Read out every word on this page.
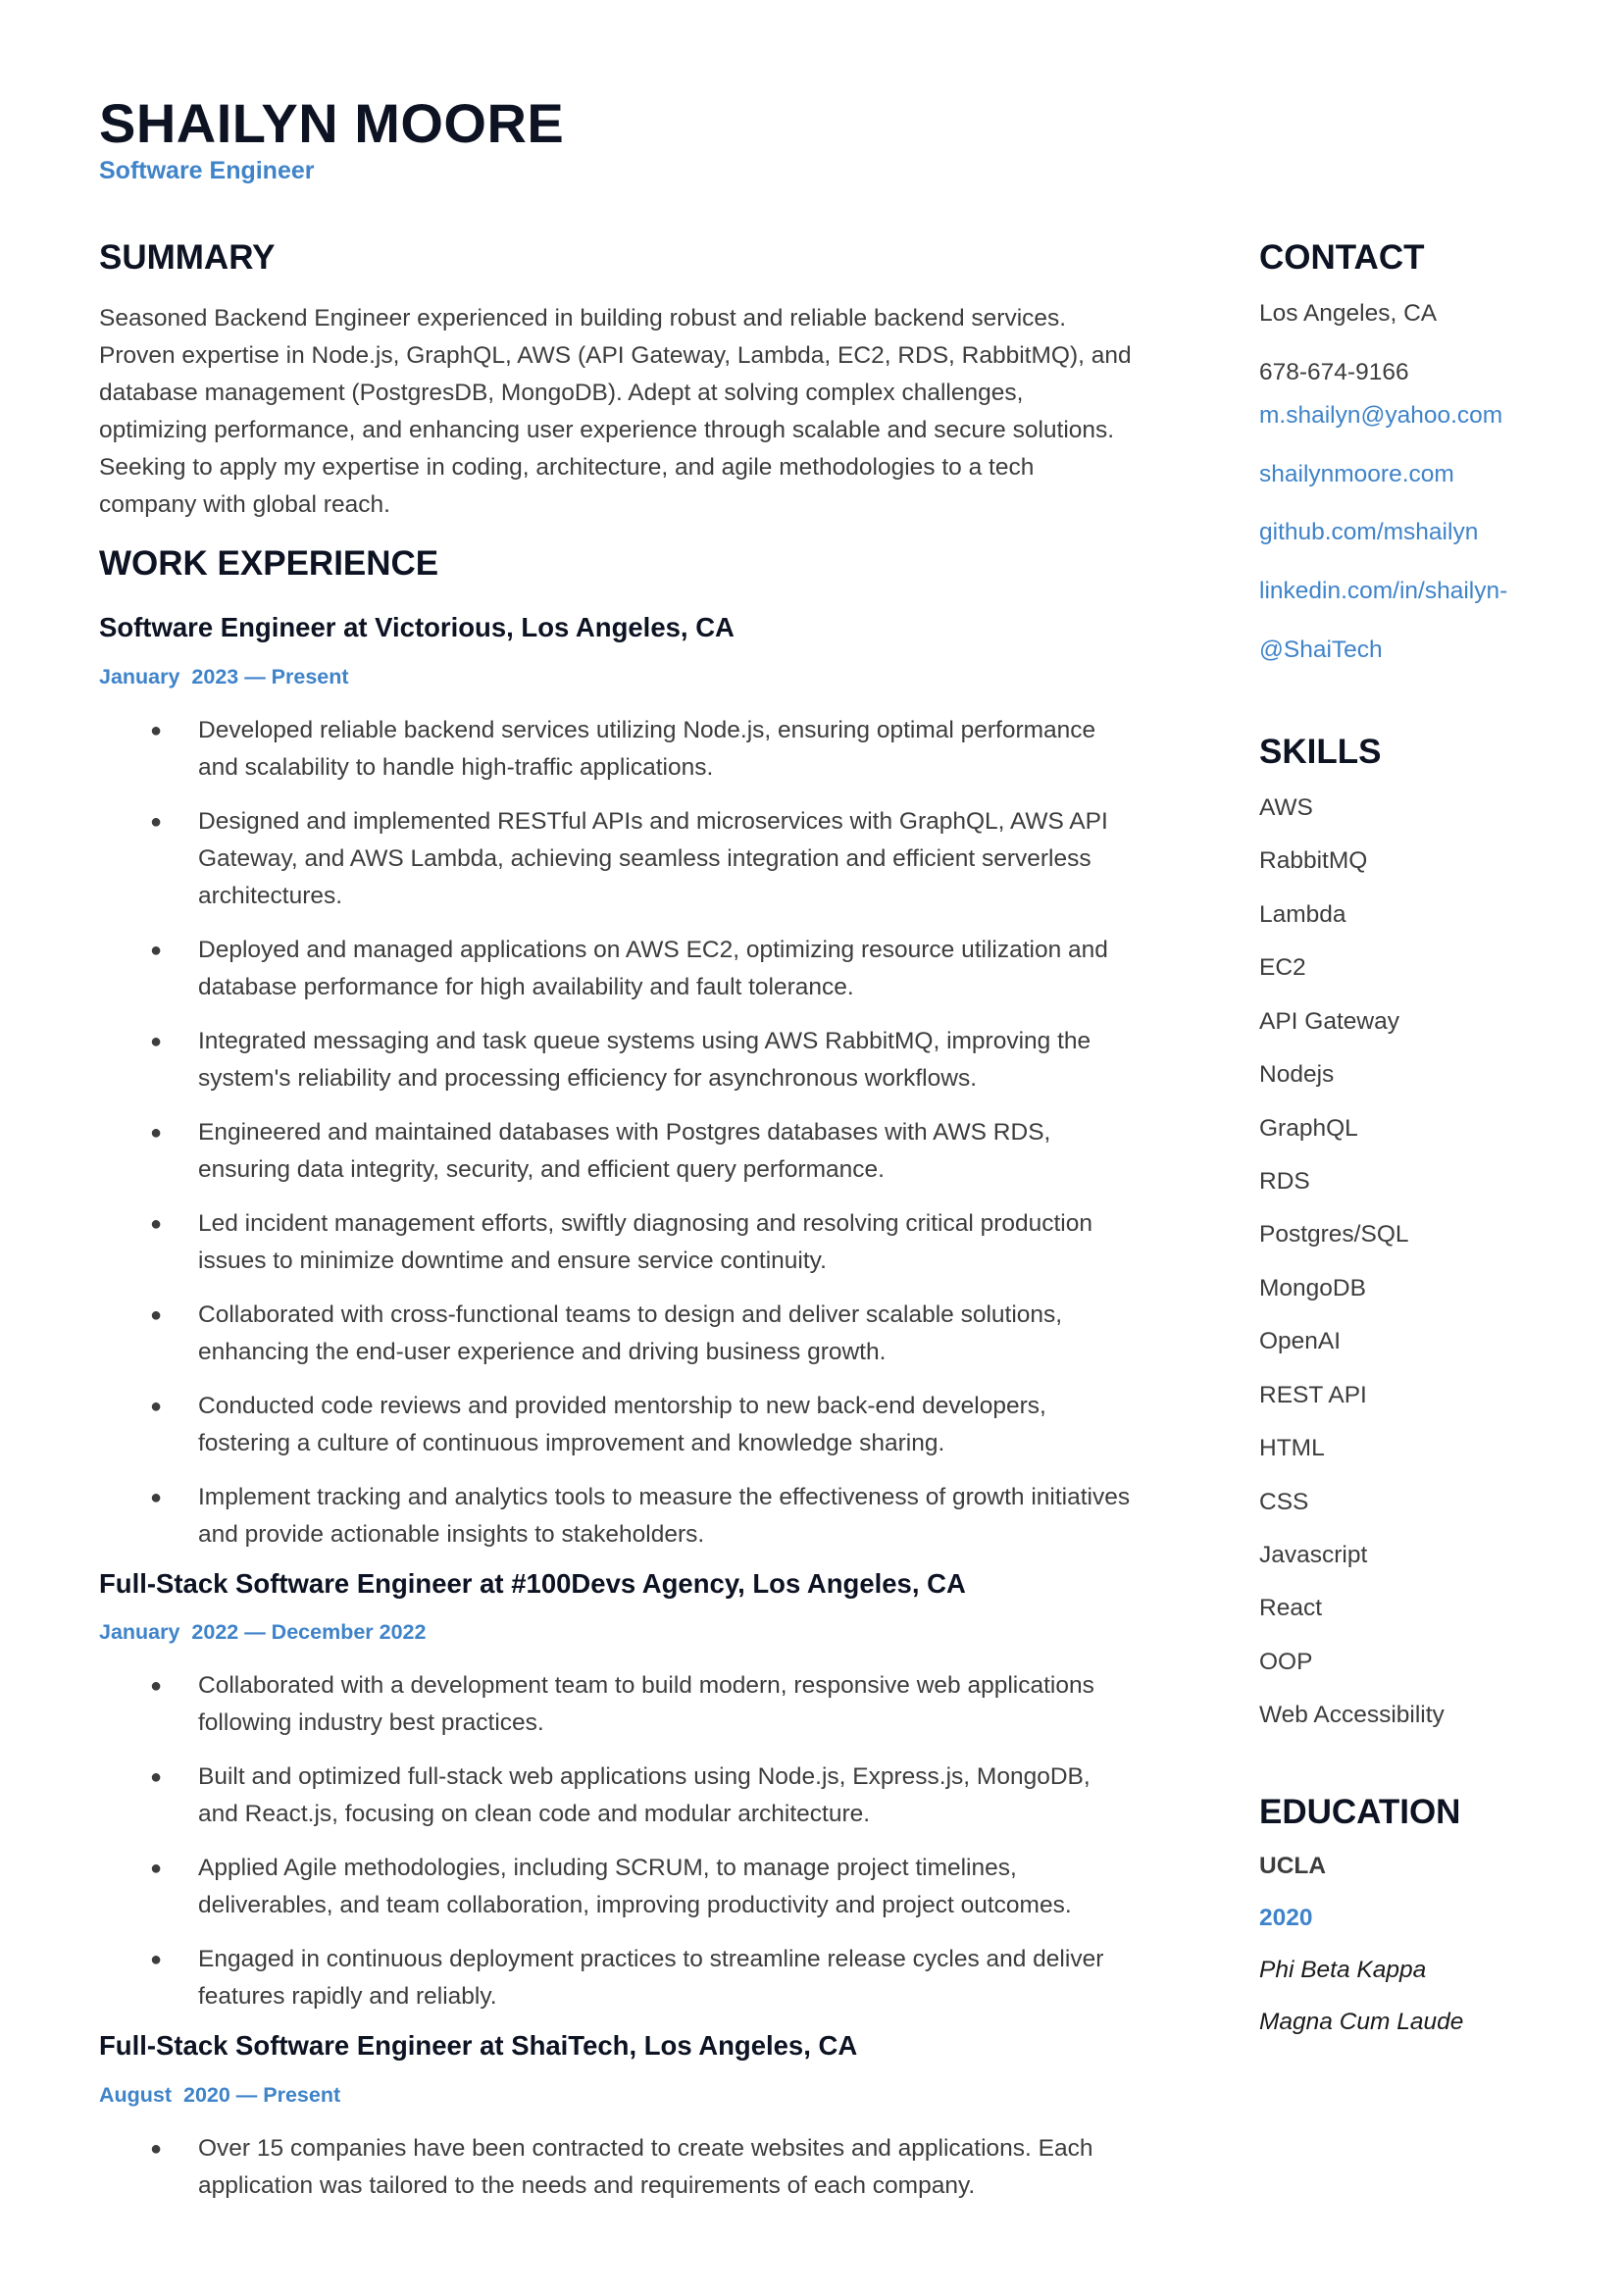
SHAILYN MOORE
Software Engineer
SUMMARY

Seasoned Backend Engineer experienced in building robust and reliable backend services. Proven expertise in Node.js, GraphQL, AWS (API Gateway, Lambda, EC2, RDS, RabbitMQ), and database management (PostgresDB, MongoDB). Adept at solving complex challenges, optimizing performance, and enhancing user experience through scalable and secure solutions. Seeking to apply my expertise in coding, architecture, and agile methodologies to a tech company with global reach.

WORK EXPERIENCE
Software Engineer at Victorious, Los Angeles, CA
January  2023 — Present
● Developed reliable backend services utilizing Node.js, ensuring optimal performance and scalability to handle high-traffic applications.
● Designed and implemented RESTful APIs and microservices with GraphQL, AWS API Gateway, and AWS Lambda, achieving seamless integration and efficient serverless architectures.
● Deployed and managed applications on AWS EC2, optimizing resource utilization and database performance for high availability and fault tolerance.
● Integrated messaging and task queue systems using AWS RabbitMQ, improving the system's reliability and processing efficiency for asynchronous workflows.
● Engineered and maintained databases with Postgres databases with AWS RDS, ensuring data integrity, security, and efficient query performance.
● Led incident management efforts, swiftly diagnosing and resolving critical production issues to minimize downtime and ensure service continuity.
● Collaborated with cross-functional teams to design and deliver scalable solutions, enhancing the end-user experience and driving business growth.
● Conducted code reviews and provided mentorship to new back-end developers, fostering a culture of continuous improvement and knowledge sharing.
● Implement tracking and analytics tools to measure the effectiveness of growth initiatives and provide actionable insights to stakeholders.
Full-Stack Software Engineer at #100Devs Agency, Los Angeles, CA
January  2022 — December 2022
● Collaborated with a development team to build modern, responsive web applications following industry best practices.
● Built and optimized full-stack web applications using Node.js, Express.js, MongoDB, and React.js, focusing on clean code and modular architecture.
● Applied Agile methodologies, including SCRUM, to manage project timelines, deliverables, and team collaboration, improving productivity and project outcomes.
● Engaged in continuous deployment practices to streamline release cycles and deliver features rapidly and reliably.
Full-Stack Software Engineer at ShaiTech, Los Angeles, CA
August  2020 — Present
● Over 15 companies have been contracted to create websites and applications. Each application was tailored to the needs and requirements of each company.
CONTACT
Los Angeles, CA
678-674-9166
m.shailyn@yahoo.com
shailynmoore.com
github.com/mshailyn
linkedin.com/in/shailyn-
@ShaiTech
SKILLS
AWS
RabbitMQ
Lambda
EC2
API Gateway
Nodejs
GraphQL
RDS
Postgres/SQL
MongoDB
OpenAI
REST API
HTML
CSS
Javascript
React
OOP
Web Accessibility
EDUCATION
UCLA
2020
Phi Beta Kappa
Magna Cum Laude
